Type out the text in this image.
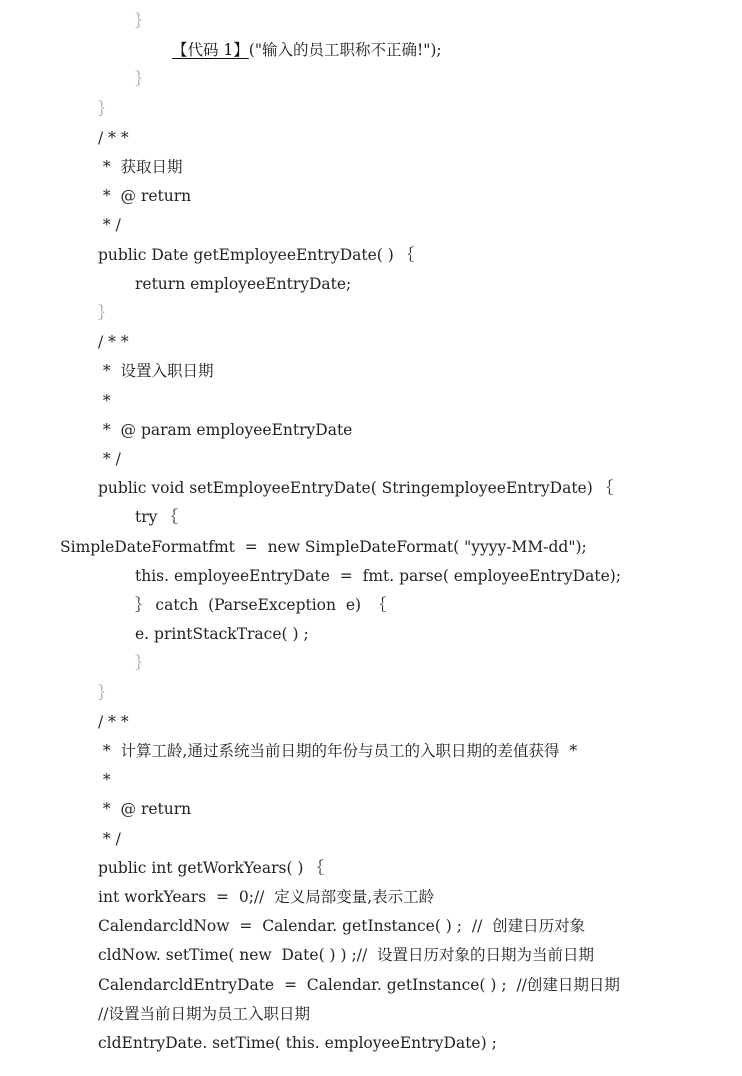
｝
【代码 1】("输入的员工职称不正确!");
｝
｝
/ * *
*  获取日期
*  @ return
* /
public Date getEmployeeEntryDate( ) ｛
return employeeEntryDate;
｝
/ * *
*  设置入职日期
*
*  @ param employeeEntryDate
* /
public void setEmployeeEntryDate( StringemployeeEntryDate) ｛
try ｛
SimpleDateFormatfmt  =  new SimpleDateFormat( "yyyy-MM-dd");
this. employeeEntryDate  =  fmt. parse( employeeEntryDate);
｝ catch  (ParseException  e)  ｛
e. printStackTrace( ) ;
｝
｝
/ * *
*  计算工龄,通过系统当前日期的年份与员工的入职日期的差值获得  *
*
*  @ return
* /
public int getWorkYears( ) ｛
int workYears  =  0;//  定义局部变量,表示工龄
CalendarcldNow  =  Calendar. getInstance( ) ;  //  创建日历对象
cldNow. setTime( new  Date( ) ) ;//  设置日历对象的日期为当前日期
CalendarcldEntryDate  =  Calendar. getInstance( ) ;  //创建日期日期
//设置当前日期为员工入职日期
cldEntryDate. setTime( this. employeeEntryDate) ;
